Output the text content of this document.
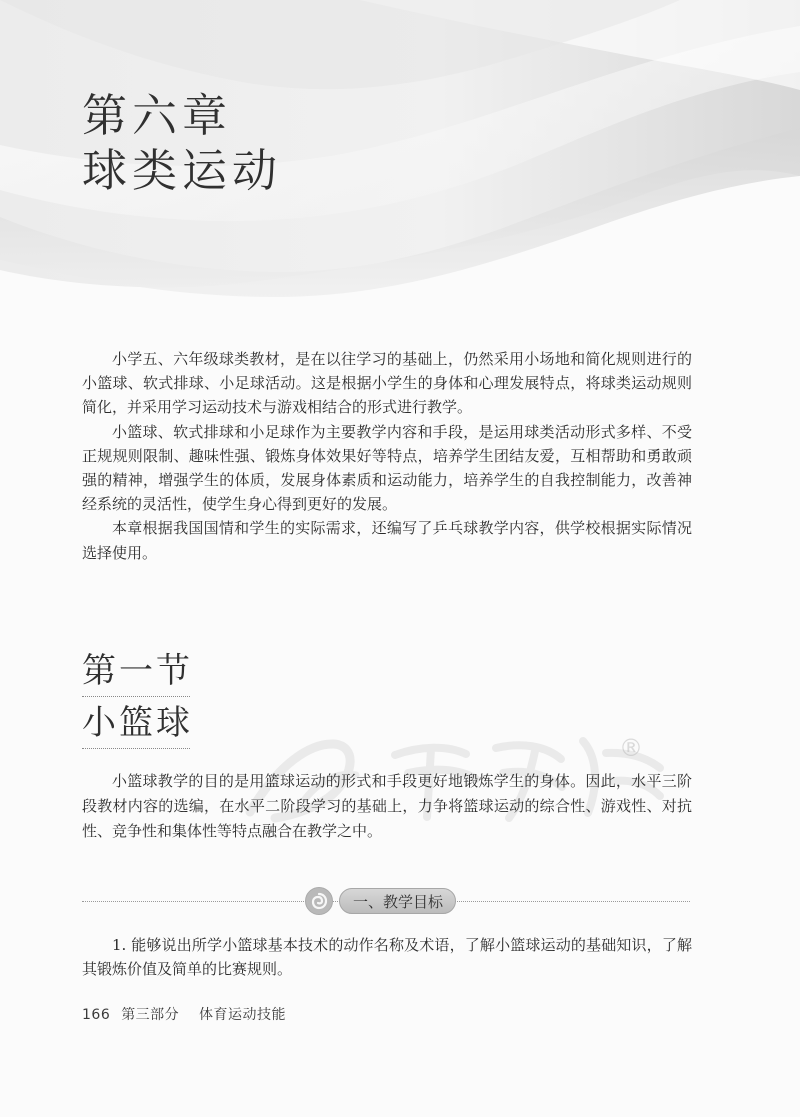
第六章
球类运动

小学五、六年级球类教材，是在以往学习的基础上，仍然采用小场地和简化规则进行的小篮球、软式排球、小足球活动。这是根据小学生的身体和心理发展特点，将球类运动规则简化，并采用学习运动技术与游戏相结合的形式进行教学。

小篮球、软式排球和小足球作为主要教学内容和手段，是运用球类活动形式多样、不受正规规则限制、趣味性强、锻炼身体效果好等特点，培养学生团结友爱，互相帮助和勇敢顽强的精神，增强学生的体质，发展身体素质和运动能力，培养学生的自我控制能力，改善神经系统的灵活性，使学生身心得到更好的发展。

本章根据我国国情和学生的实际需求，还编写了乒乓球教学内容，供学校根据实际情况选择使用。

®
第一节
小篮球

小篮球教学的目的是用篮球运动的形式和手段更好地锻炼学生的身体。因此，水平三阶段教材内容的选编，在水平二阶段学习的基础上，力争将篮球运动的综合性、游戏性、对抗性、竞争性和集体性等特点融合在教学之中。

一、教学目标

1. 能够说出所学小篮球基本技术的动作名称及术语，了解小篮球运动的基础知识，了解其锻炼价值及简单的比赛规则。

166 第三部分 体育运动技能
